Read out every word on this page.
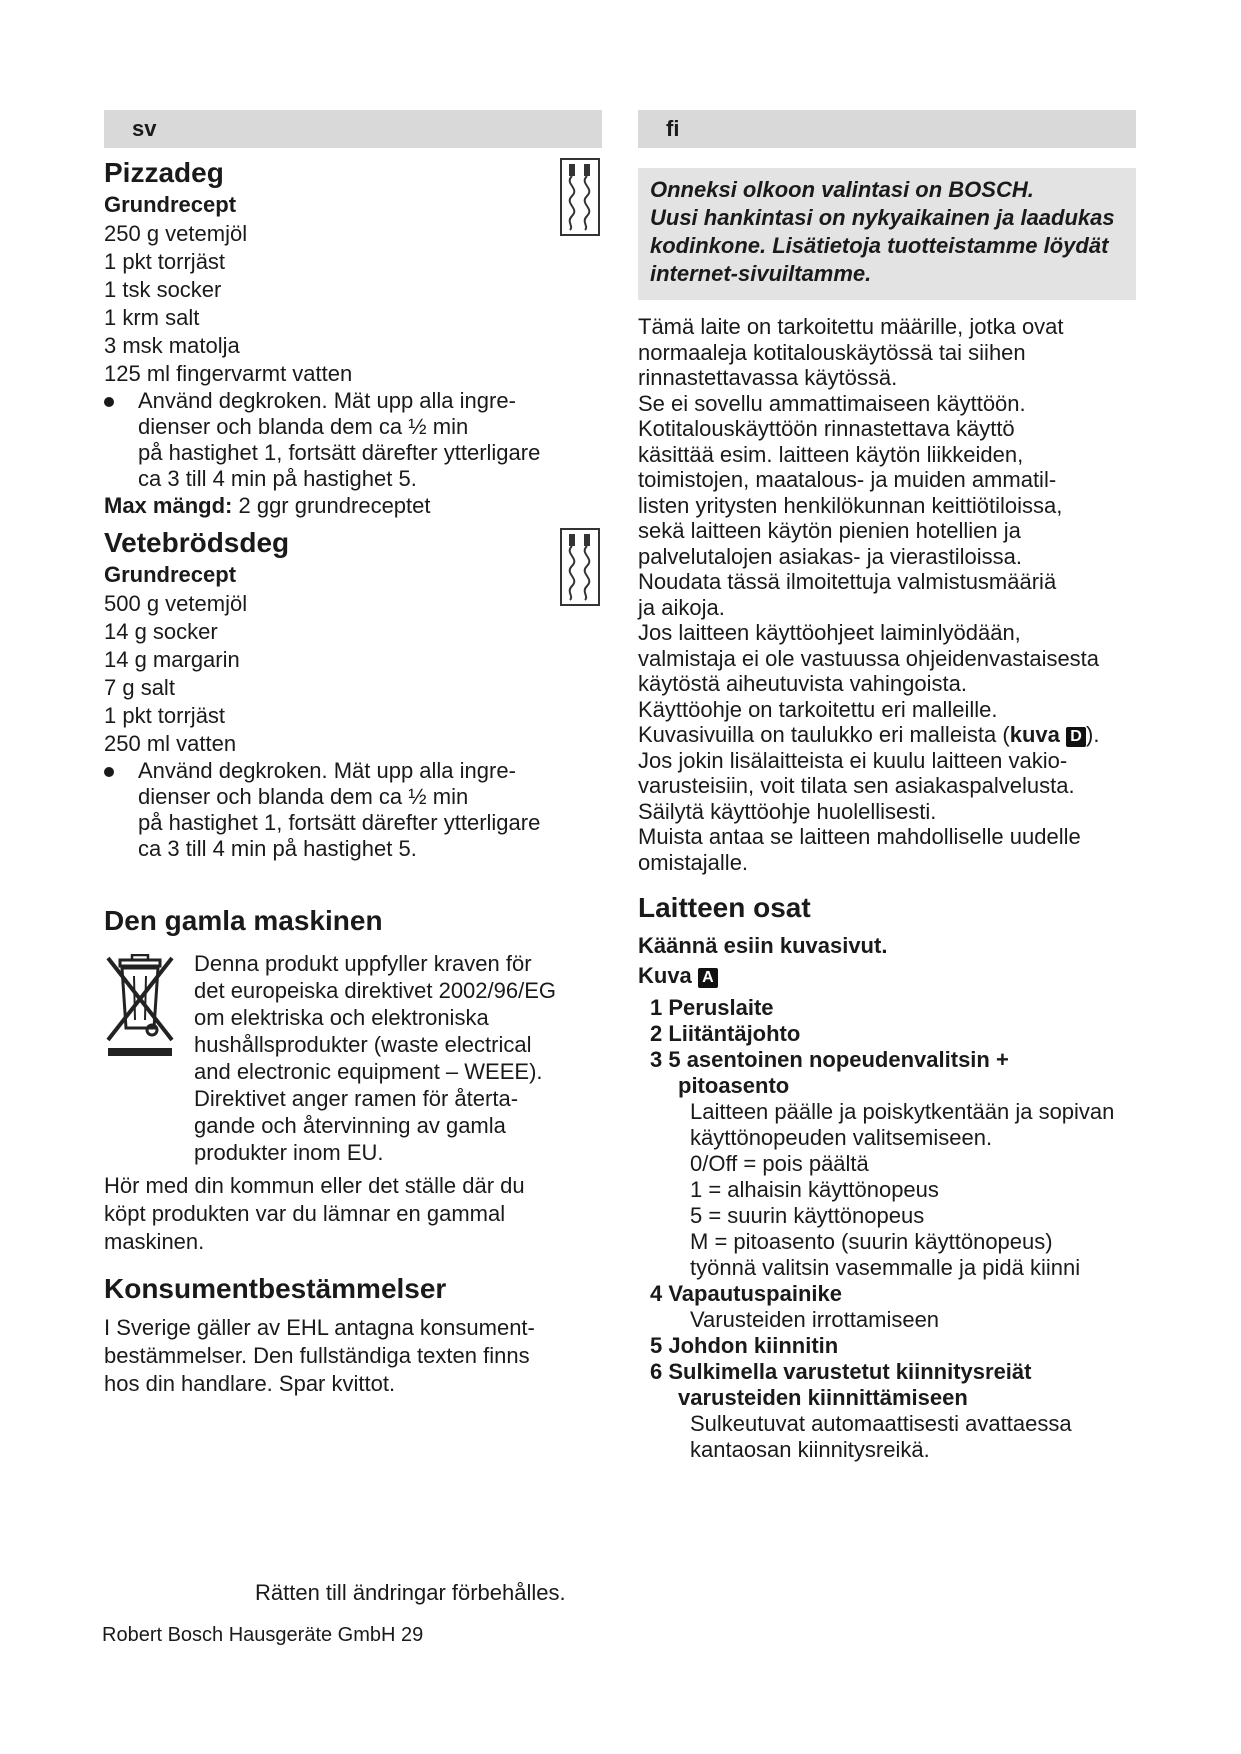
sv
Pizzadeg
Grundrecept
250 g vetemjöl
1 pkt torrjäst
1 tsk socker
1 krm salt
3 msk matolja
125 ml fingervarmt vatten
Använd degkroken. Mät upp alla ingre-
dienser och blanda dem ca ½ min
på hastighet 1, fortsätt därefter ytterligare
ca 3 till 4 min på hastighet 5.
Max mängd: 2 ggr grundreceptet
Vetebrödsdeg
Grundrecept
500 g vetemjöl
14 g socker
14 g margarin
7 g salt
1 pkt torrjäst
250 ml vatten
Använd degkroken. Mät upp alla ingre-
dienser och blanda dem ca ½ min
på hastighet 1, fortsätt därefter ytterligare
ca 3 till 4 min på hastighet 5.
Den gamla maskinen
Denna produkt uppfyller kraven för
det europeiska direktivet 2002/96/EG
om elektriska och elektroniska
hushållsprodukter (waste electrical
and electronic equipment – WEEE).
Direktivet anger ramen för återta-
gande och återvinning av gamla
produkter inom EU.
Hör med din kommun eller det ställe där du
köpt produkten var du lämnar en gammal
maskinen.
Konsumentbestämmelser
I Sverige gäller av EHL antagna konsument-
bestämmelser. Den fullständiga texten finns
hos din handlare. Spar kvittot.
fi
Onneksi olkoon valintasi on BOSCH.
Uusi hankintasi on nykyaikainen ja laadukas
kodinkone. Lisätietoja tuotteistamme löydät
internet-sivuiltamme.
Tämä laite on tarkoitettu määrille, jotka ovat
normaaleja kotitalouskäytössä tai siihen
rinnastettavassa käytössä.
Se ei sovellu ammattimaiseen käyttöön.
Kotitalouskäyttöön rinnastettava käyttö
käsittää esim. laitteen käytön liikkeiden,
toimistojen, maatalous- ja muiden ammatil-
listen yritysten henkilökunnan keittiötiloissa,
sekä laitteen käytön pienien hotellien ja
palvelutalojen asiakas- ja vierastiloissa.
Noudata tässä ilmoitettuja valmistusmääriä
ja aikoja.
Jos laitteen käyttöohjeet laiminlyödään,
valmistaja ei ole vastuussa ohjeidenvastaisesta
käytöstä aiheutuvista vahingoista.
Käyttöohje on tarkoitettu eri malleille.
Kuvasivuilla on taulukko eri malleista (kuva D ).
Jos jokin lisälaitteista ei kuulu laitteen vakio-
varusteisiin, voit tilata sen asiakaspalvelusta.
Säilytä käyttöohje huolellisesti.
Muista antaa se laitteen mahdolliselle uudelle
omistajalle.
Laitteen osat
Käännä esiin kuvasivut.
Kuva A
1 Peruslaite
2 Liitäntäjohto
3 5 asentoinen nopeudenvalitsin +
pitoasento
Laitteen päälle ja poiskytkentään ja sopivan
käyttönopeuden valitsemiseen.
0/Off = pois päältä
1 = alhaisin käyttönopeus
5 = suurin käyttönopeus
M = pitoasento (suurin käyttönopeus)
työnnä valitsin vasemmalle ja pidä kiinni
4 Vapautuspainike
Varusteiden irrottamiseen
5 Johdon kiinnitin
6 Sulkimella varustetut kiinnitysreiät
varusteiden kiinnittämiseen
Sulkeutuvat automaattisesti avattaessa
kantaosan kiinnitysreikä.
Rätten till ändringar förbehålles.
Robert Bosch Hausgeräte GmbH 29
